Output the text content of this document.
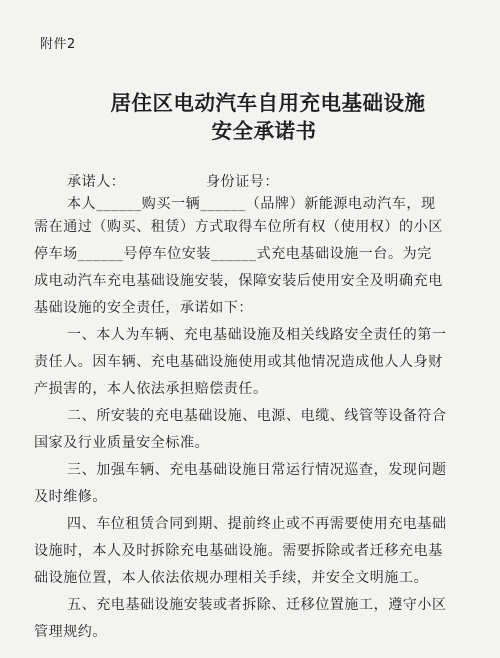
附件2
居住区电动汽车自用充电基础设施
安全承诺书
承诺人：　　　　　　身份证号：
本人______购买一辆______（品牌）新能源电动汽车，现
需在通过（购买、租赁）方式取得车位所有权（使用权）的小区
停车场______号停车位安装______式充电基础设施一台。为完
成电动汽车充电基础设施安装，保障安装后使用安全及明确充电
基础设施的安全责任，承诺如下：
一、本人为车辆、充电基础设施及相关线路安全责任的第一
责任人。因车辆、充电基础设施使用或其他情况造成他人人身财
产损害的，本人依法承担赔偿责任。
二、所安装的充电基础设施、电源、电缆、线管等设备符合
国家及行业质量安全标准。
三、加强车辆、充电基础设施日常运行情况巡查，发现问题
及时维修。
四、车位租赁合同到期、提前终止或不再需要使用充电基础
设施时，本人及时拆除充电基础设施。需要拆除或者迁移充电基
础设施位置，本人依法依规办理相关手续，并安全文明施工。
五、充电基础设施安装或者拆除、迁移位置施工，遵守小区
管理规约。
